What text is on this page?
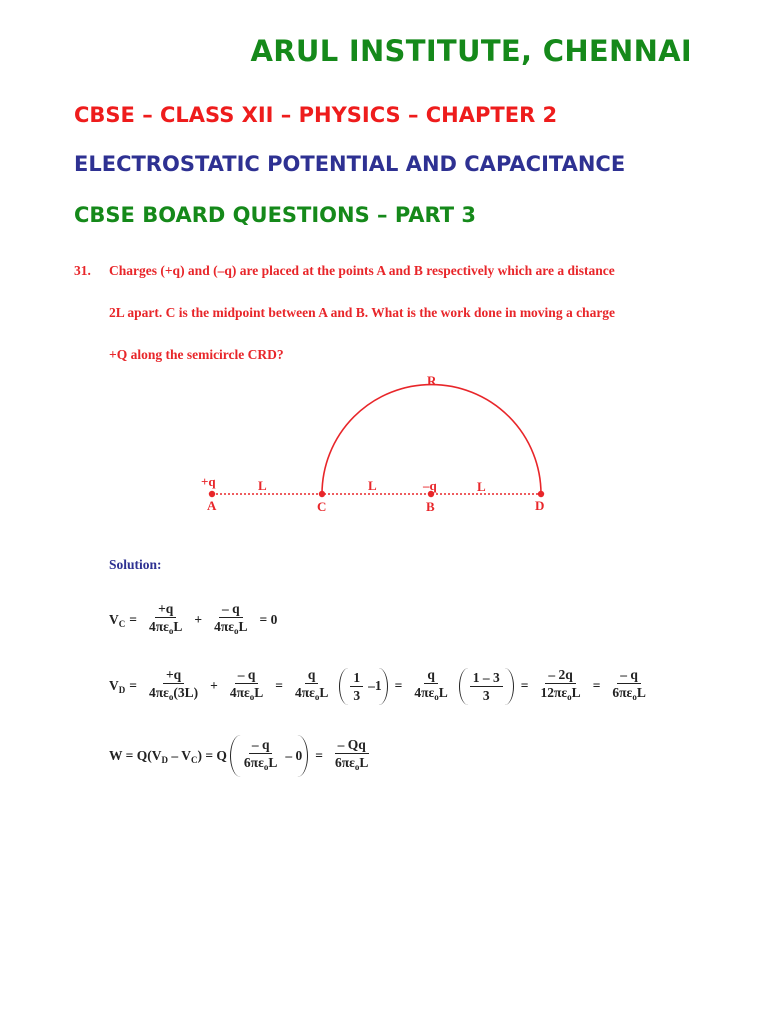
ARUL INSTITUTE, CHENNAI
CBSE – CLASS XII – PHYSICS – CHAPTER 2
ELECTROSTATIC POTENTIAL AND CAPACITANCE
CBSE BOARD QUESTIONS – PART 3
31. Charges (+q) and (–q) are placed at the points A and B respectively which are a distance
2L apart. C is the midpoint between A and B. What is the work done in moving a charge
+Q along the semicircle CRD?
+q	–q
A	C	B	D
R
L	L	L
Solution:
$V_C = \frac{+q}{4\pi\varepsilon_oL} + \frac{- q}{4\pi\varepsilon_oL} = 0$
$V_D = \frac{+q}{4\pi\varepsilon_o(3L)} + \frac{- q}{4\pi\varepsilon_oL} = \frac{q}{4\pi\varepsilon_oL} \frac{1}{3} -1 = \frac{q}{4\pi\varepsilon_oL} \frac{1 - 3}{3} = \frac{- 2q}{12\pi\varepsilon_oL} = \frac{- q}{6\pi\varepsilon_oL}$
$W = Q(V_D - V_C) = Q \frac{- q}{6\pi\varepsilon_oL} - 0 = \frac{- Qq}{6\pi\varepsilon_oL}$
